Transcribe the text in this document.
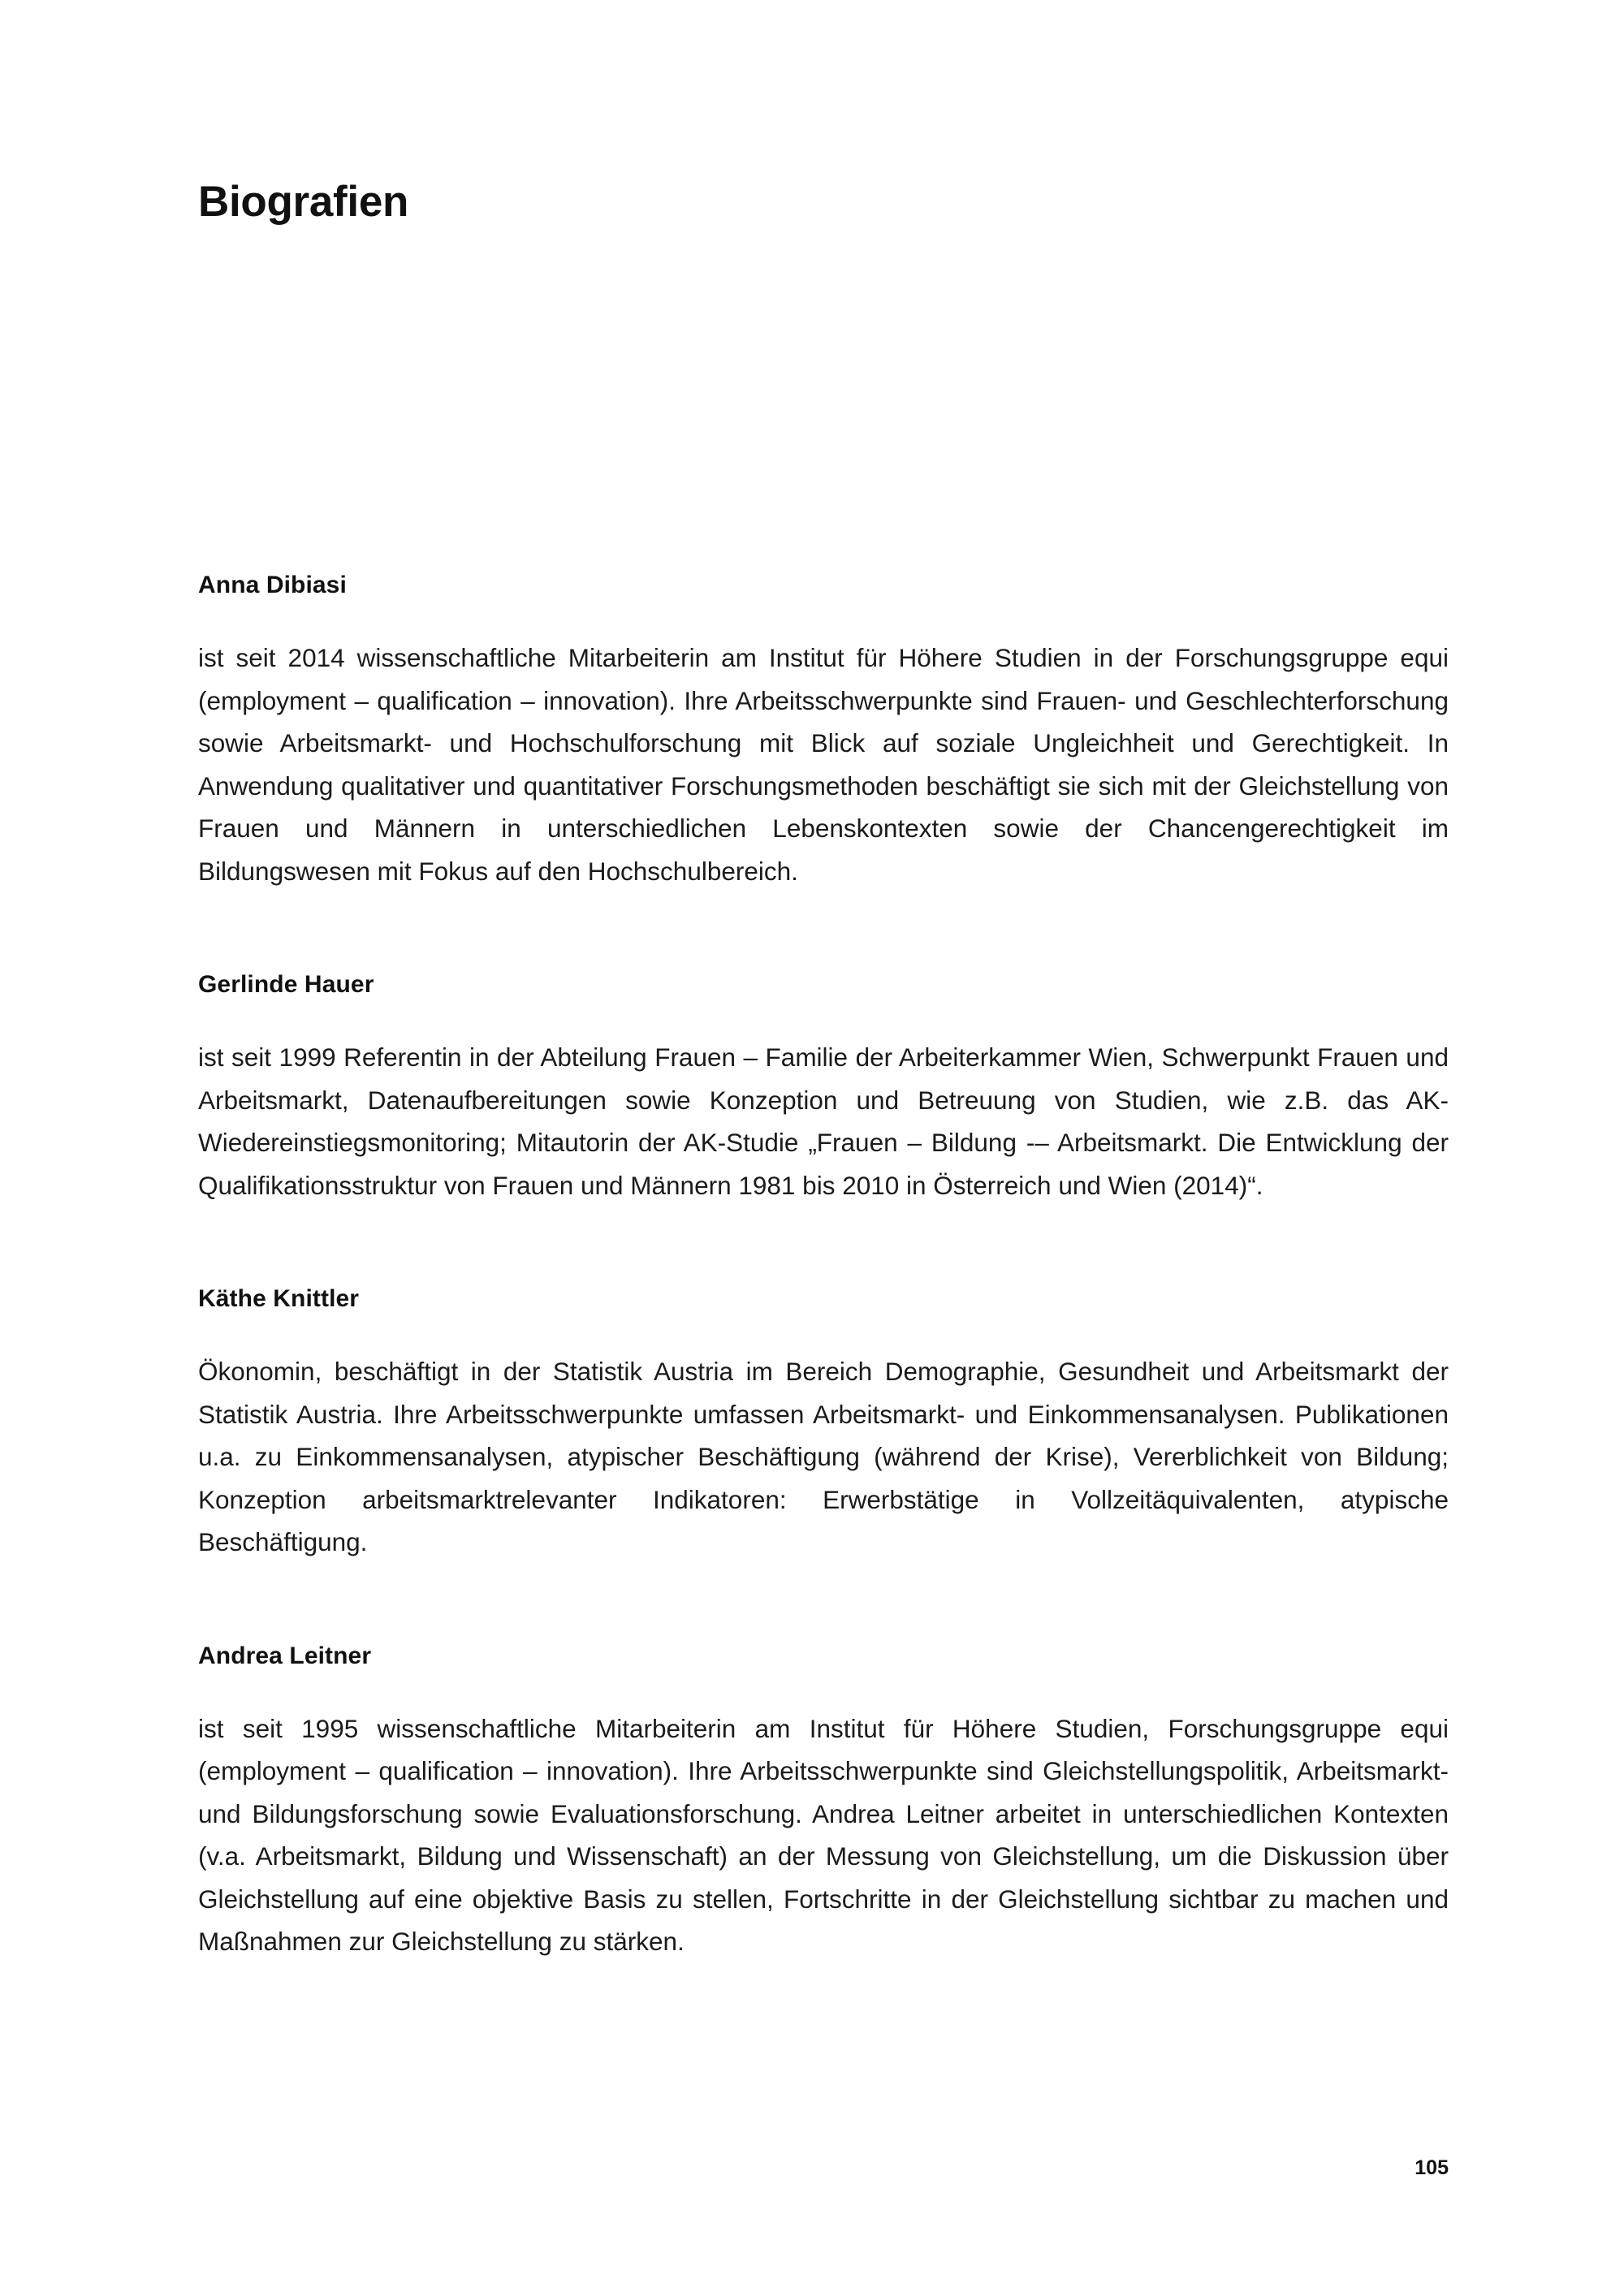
Biografien
Anna Dibiasi

ist seit 2014 wissenschaftliche Mitarbeiterin am Institut für Höhere Studien in der Forschungsgruppe equi (employment – qualification – innovation). Ihre Arbeitsschwerpunkte sind Frauen- und Geschlechterforschung sowie Arbeitsmarkt- und Hochschulforschung mit Blick auf soziale Ungleichheit und Gerechtigkeit. In Anwendung qualitativer und quantitativer Forschungsmethoden beschäftigt sie sich mit der Gleichstellung von Frauen und Männern in unterschiedlichen Lebenskontexten sowie der Chancengerechtigkeit im Bildungswesen mit Fokus auf den Hochschulbereich.

Gerlinde Hauer

ist seit 1999 Referentin in der Abteilung Frauen – Familie der Arbeiterkammer Wien, Schwerpunkt Frauen und Arbeitsmarkt, Datenaufbereitungen sowie Konzeption und Betreuung von Studien, wie z.B. das AK-Wiedereinstiegsmonitoring; Mitautorin der AK-Studie „Frauen – Bildung -– Arbeitsmarkt. Die Entwicklung der Qualifikationsstruktur von Frauen und Männern 1981 bis 2010 in Österreich und Wien (2014)“.

Käthe Knittler

Ökonomin, beschäftigt in der Statistik Austria im Bereich Demographie, Gesundheit und Arbeitsmarkt der Statistik Austria. Ihre Arbeitsschwerpunkte umfassen Arbeitsmarkt- und Einkommensanalysen. Publikationen u.a. zu Einkommensanalysen, atypischer Beschäftigung (während der Krise), Vererblichkeit von Bildung; Konzeption arbeitsmarktrelevanter Indikatoren: Erwerbstätige in Vollzeitäquivalenten, atypische Beschäftigung.

Andrea Leitner

ist seit 1995 wissenschaftliche Mitarbeiterin am Institut für Höhere Studien, Forschungsgruppe equi (employment – qualification – innovation). Ihre Arbeitsschwerpunkte sind Gleichstellungspolitik, Arbeitsmarkt- und Bildungsforschung sowie Evaluationsforschung. Andrea Leitner arbeitet in unterschiedlichen Kontexten (v.a. Arbeitsmarkt, Bildung und Wissenschaft) an der Messung von Gleichstellung, um die Diskussion über Gleichstellung auf eine objektive Basis zu stellen, Fortschritte in der Gleichstellung sichtbar zu machen und Maßnahmen zur Gleichstellung zu stärken.

105
